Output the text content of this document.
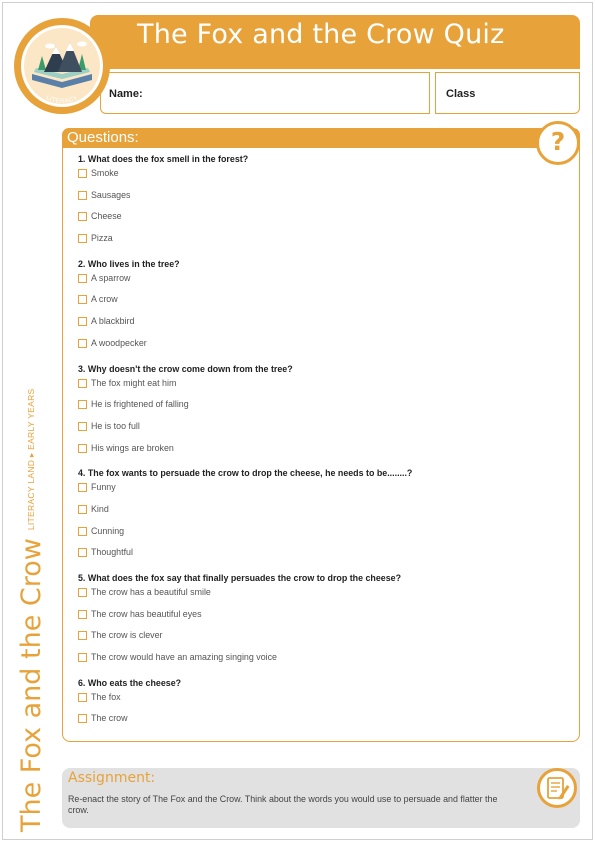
The Fox and the Crow Quiz
Name:	Class
LITERACY
The Fox and the CrowLITERACY LAND ▸ EARLY YEARS
Questions:	?
1. What does the fox smell in the forest?
Smoke
Sausages
Cheese
Pizza
2. Who lives in the tree?
A sparrow
A crow
A blackbird
A woodpecker
3. Why doesn't the crow come down from the tree?
The fox might eat him
He is frightened of falling
He is too full
His wings are broken
4. The fox wants to persuade the crow to drop the cheese, he needs to be........?
Funny
Kind
Cunning
Thoughtful
5. What does the fox say that finally persuades the crow to drop the cheese?
The crow has a beautiful smile
The crow has beautiful eyes
The crow is clever
The crow would have an amazing singing voice
6. Who eats the cheese?
The fox
The crow
Assignment:
Re-enact the story of The Fox and the Crow. Think about the words you would use to persuade and flatter the crow.
